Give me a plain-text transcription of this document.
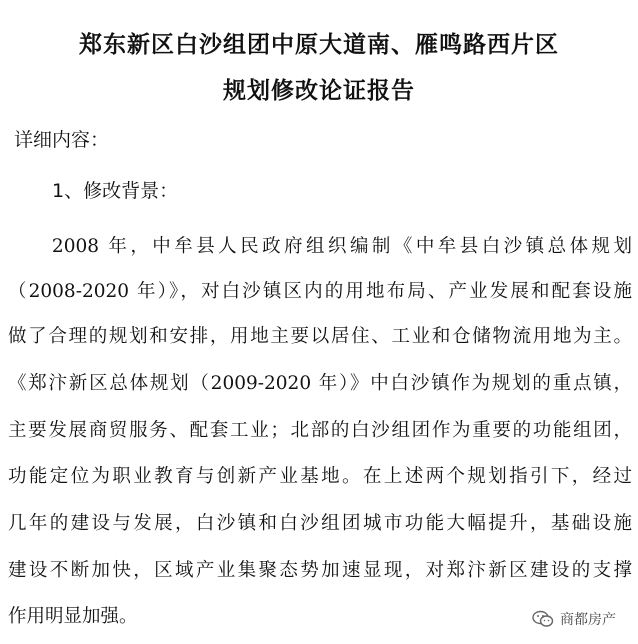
郑东新区白沙组团中原大道南、雁鸣路西片区
规划修改论证报告
详细内容：
1、修改背景：
　　2008 年，中牟县人民政府组织编制《中牟县白沙镇总体规划
（2008-2020 年）》，对白沙镇区内的用地布局、产业发展和配套设施
做了合理的规划和安排，用地主要以居住、工业和仓储物流用地为主。
《郑汴新区总体规划（2009-2020 年）》中白沙镇作为规划的重点镇，
主要发展商贸服务、配套工业；北部的白沙组团作为重要的功能组团，
功能定位为职业教育与创新产业基地。在上述两个规划指引下，经过
几年的建设与发展，白沙镇和白沙组团城市功能大幅提升，基础设施
建设不断加快，区域产业集聚态势加速显现，对郑汴新区建设的支撑
作用明显加强。	商都房产
